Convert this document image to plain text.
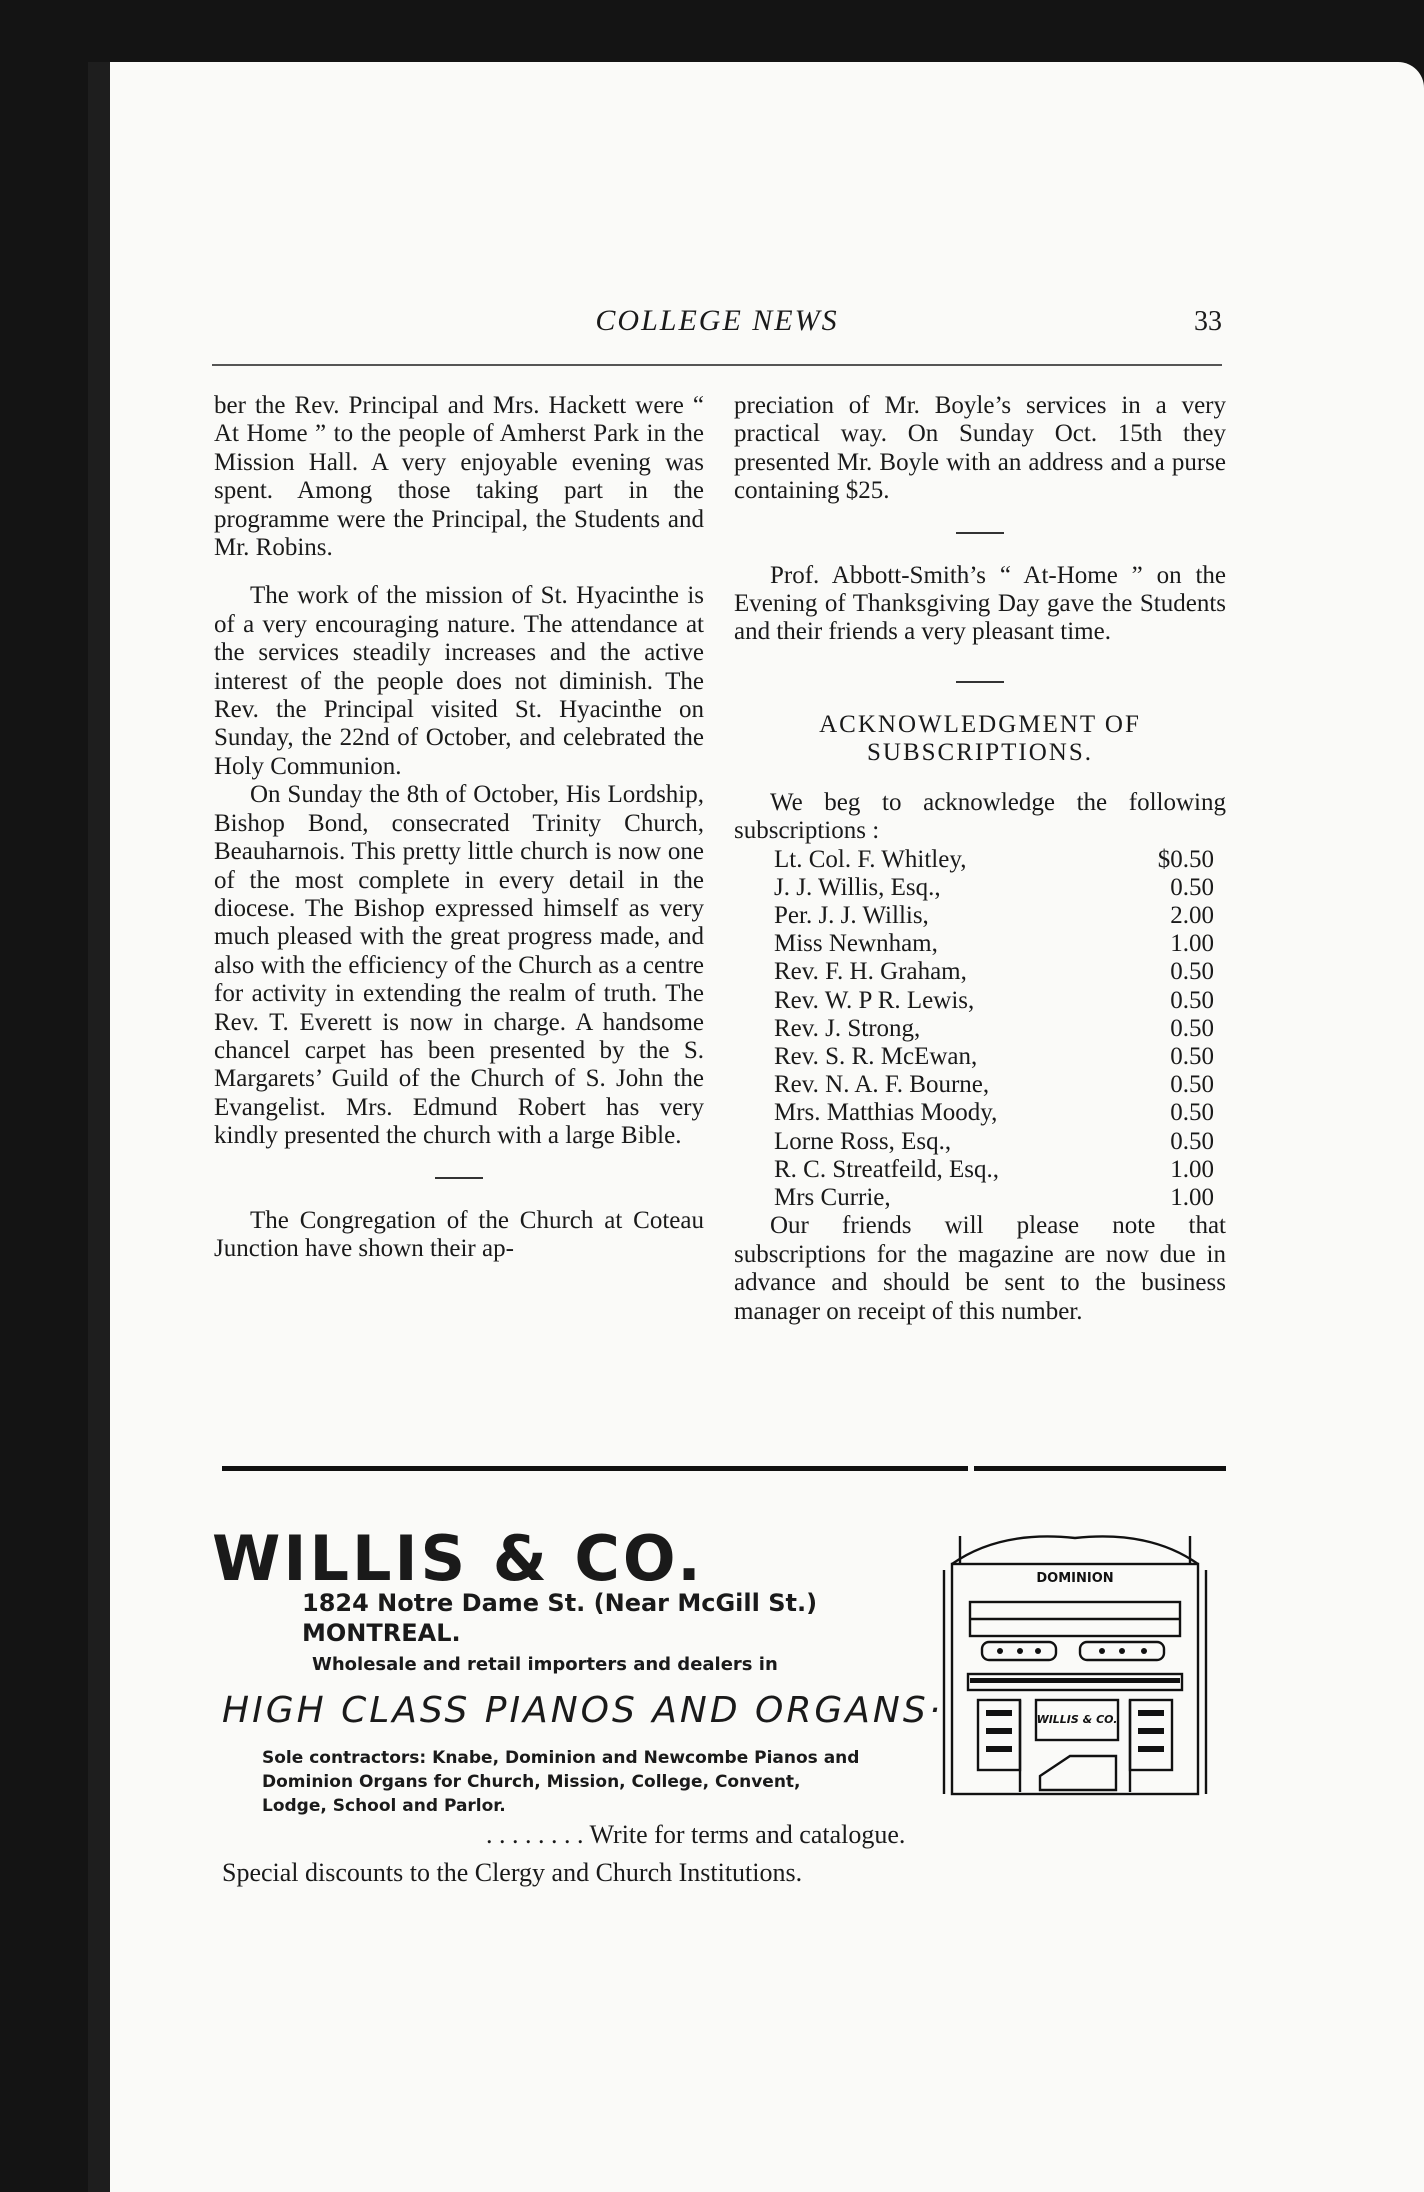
COLLEGE NEWS	33

ber the Rev. Principal and Mrs. Hackett were “ At Home ” to the people of Amherst Park in the Mission Hall. A very enjoyable evening was spent. Among those taking part in the programme were the Principal, the Students and Mr. Robins.

The work of the mission of St. Hyacinthe is of a very encouraging nature. The attendance at the services steadily increases and the active interest of the people does not diminish. The Rev. the Principal visited St. Hyacinthe on Sunday, the 22nd of October, and celebrated the Holy Communion.

On Sunday the 8th of October, His Lordship, Bishop Bond, consecrated Trinity Church, Beauharnois. This pretty little church is now one of the most complete in every detail in the diocese. The Bishop expressed himself as very much pleased with the great progress made, and also with the efficiency of the Church as a centre for activity in extending the realm of truth. The Rev. T. Everett is now in charge. A handsome chancel carpet has been presented by the S. Margarets’ Guild of the Church of S. John the Evangelist. Mrs. Edmund Robert has very kindly presented the church with a large Bible.

The Congregation of the Church at Coteau Junction have shown their ap-

preciation of Mr. Boyle’s services in a very practical way. On Sunday Oct. 15th they presented Mr. Boyle with an address and a purse containing $25.

Prof. Abbott-Smith’s “ At-Home ” on the Evening of Thanksgiving Day gave the Students and their friends a very pleasant time.

ACKNOWLEDGMENT OF SUBSCRIPTIONS.

We beg to acknowledge the following subscriptions :

Lt. Col. F. Whitley,	$0.50
J. J. Willis, Esq.,	0.50
Per. J. J. Willis,	2.00
Miss Newnham,	1.00
Rev. F. H. Graham,	0.50
Rev. W. P R. Lewis,	0.50
Rev. J. Strong,	0.50
Rev. S. R. McEwan,	0.50
Rev. N. A. F. Bourne,	0.50
Mrs. Matthias Moody,	0.50
Lorne Ross, Esq.,	0.50
R. C. Streatfeild, Esq.,	1.00
Mrs Currie,	1.00

Our friends will please note that subscriptions for the magazine are now due in advance and should be sent to the business manager on receipt of this number.

WILLIS & CO.
1824 Notre Dame St. (Near McGill St.)
MONTREAL.
Wholesale and retail importers and dealers in
HIGH CLASS PIANOS AND ORGANS·
Sole contractors: Knabe, Dominion and Newcombe Pianos and Dominion Organs for Church, Mission, College, Convent, Lodge, School and Parlor.
. . . . . . . . Write for terms and catalogue.
Special discounts to the Clergy and Church Institutions.
DOMINION
WILLIS & CO.
